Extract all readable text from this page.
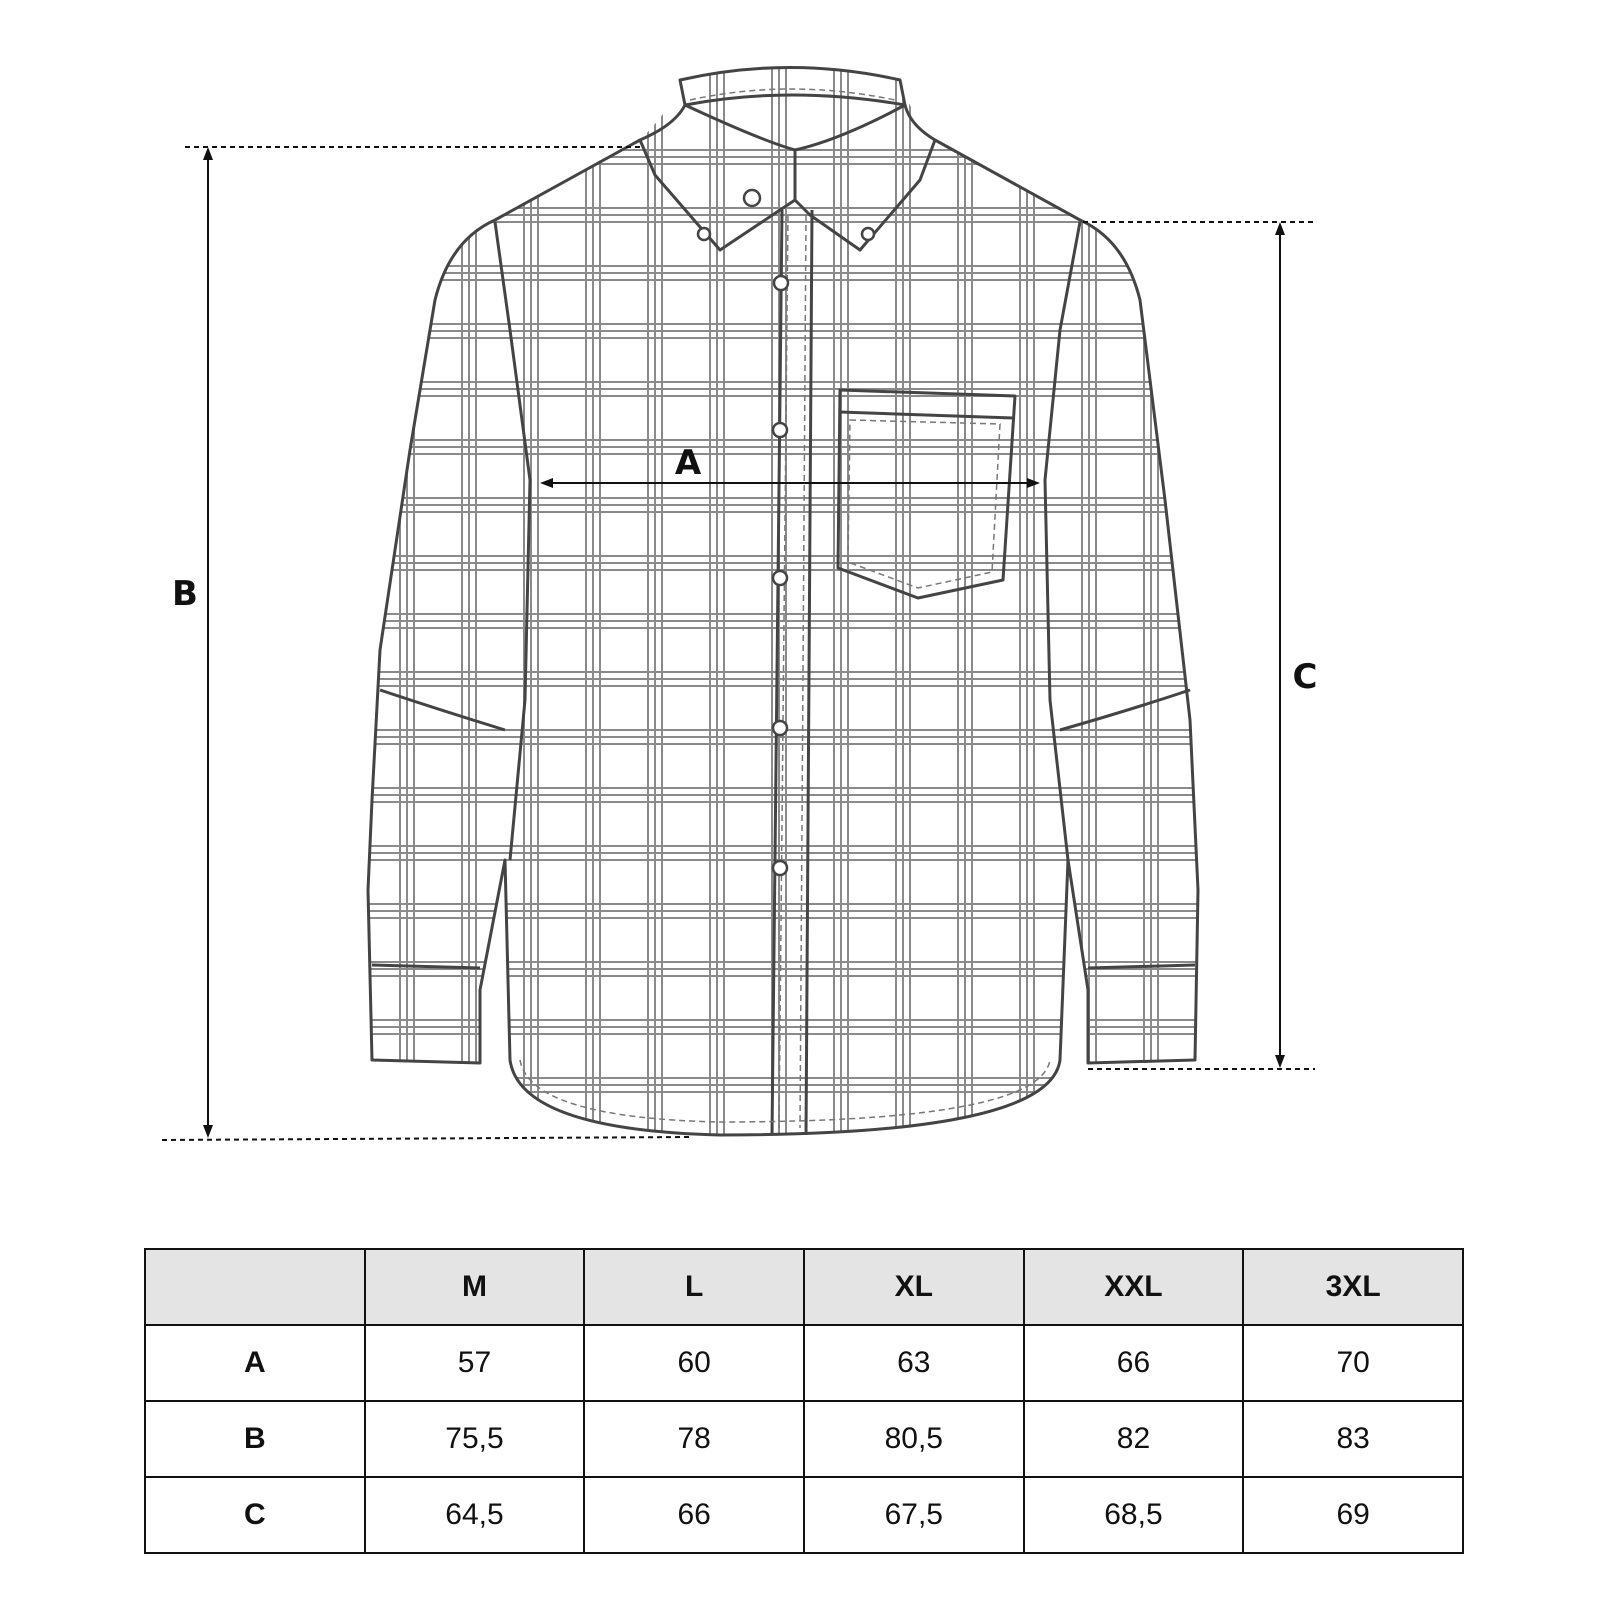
A
B
C
	M	L	XL	XXL	3XL
A	57	60	63	66	70
B	75,5	78	80,5	82	83
C	64,5	66	67,5	68,5	69
